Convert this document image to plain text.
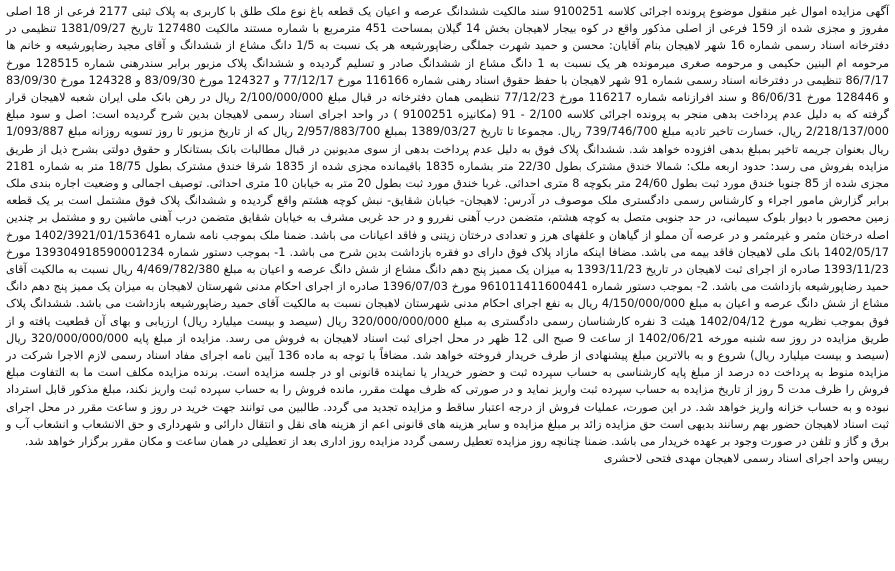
آگهی مزایده اموال غیر منقول موضوع پرونده اجرائی کلاسه 9100251 سند مالکیت ششدانگ عرصه و اعیان یک قطعه باغ نوع ملک طلق با کاربری به پلاک ثبتی 2177 فرعی از 18 اصلی مفروز و مجزی شده از 159 فرعی از اصلی مذکور واقع در کوه بیجار لاهیجان بخش 14 گیلان بمساحت 451 مترمربع با شماره مستند مالکیت 127480 تاریخ 1381/09/27 تنظیمی در دفترخانه اسناد رسمی شماره 16 شهر لاهیجان بنام آقایان: محسن و حمید شهرت جملگی رضاپورشیعه هر یک نسبت به 1/5 دانگ مشاع از ششدانگ و آقای مجید رضاپورشیعه و خانم ها مرحومه ام البنین حکیمی و مرحومه صغری میرمونده هر یک نسبت به 1 دانگ مشاع از ششدانگ صادر و تسلیم گردیده و ششدانگ پلاک مزبور برابر سندرهنی شماره 128515 مورخ 86/7/17 تنظیمی در دفترخانه اسناد رسمی شماره 91 شهر لاهیجان با حفظ حقوق اسناد رهنی شماره 116166 مورخ 77/12/17 و 124327 مورخ 83/09/30 و 124328 مورخ 83/09/30 و 128446 مورخ 86/06/31 و سند افرازنامه شماره 116217 مورخ 77/12/23 تنظیمی همان دفترخانه در قبال مبلغ 2/100/000/000 ریال در رهن بانک ملی ایران شعبه لاهیجان قرار گرفته که به دلیل عدم پرداخت بدهی منجر به پرونده اجرائی کلاسه 2/100 - 91 (مکانیزه 9100251 ) در واحد اجرای اسناد رسمی لاهیجان بدین شرح گردیده است: اصل و سود مبلغ 2/218/137/000 ریال، خسارت تاخیر تادیه مبلغ 739/746/700 ریال. مجموعا تا تاریخ 1389/03/27 بمبلغ 2/957/883/700 ریال که از تاریخ مزبور تا روز تسویه روزانه مبلغ 1/093/887 ریال بعنوان جریمه تاخیر بمبلغ بدهی افزوده خواهد شد. ششدانگ پلاک فوق به دلیل عدم پرداخت بدهی از سوی مدیونین در قبال مطالبات بانک بستانکار و حقوق دولتی بشرح ذیل از طریق مزایده بفروش می رسد: حدود اربعه ملک: شمالا خندق مشترک بطول 22/30 متر بشماره 1835 باقیمانده مجزی شده از 1835 شرقا خندق مشترک بطول 18/75 متر به شماره 2181 مجزی شده از 85 جنوبا خندق مورد ثبت بطول 24/60 متر بکوچه 8 متری احداثی. غربا خندق مورد ثبت بطول 20 متر به خیابان 10 متری احداثی. توصیف اجمالی و وضعیت اجاره بندی ملک برابر گزارش مامور اجراء و کارشناس رسمی دادگستری ملک موصوف در آدرس: لاهیجان- خیابان شقایق- نبش کوچه هشتم واقع گردیده و ششدانگ پلاک فوق مشتمل است بر یک قطعه زمین محصور با دیوار بلوک سیمانی، در حد جنوبی متصل به کوچه هشتم، متضمن درب آهنی نفررو و در حد غربی مشرف به خیابان شقایق متضمن درب آهنی ماشین رو و مشتمل بر چندین اصله درختان مثمر و غیرمثمر و در عرصه آن مملو از گیاهان و علفهای هرز و تعدادی درختان زیتنی و فاقد اعیانات می باشد. ضمنا ملک بموجب نامه شماره 1402/3921/01/153641 مورخ 1402/05/17 بانک ملی لاهیجان فاقد بیمه می باشد. مضافا اینکه مازاد پلاک فوق دارای دو فقره بازداشت بدین شرح می باشد. 1- بموجب دستور شماره 139304918590001234 مورخ 1393/11/23 صادره از اجرای ثبت لاهیجان در تاریخ 1393/11/23 به میزان یک ممیز پنج دهم دانگ مشاع از شش دانگ عرصه و اعیان به مبلغ 4/469/782/380 ریال نسبت به مالکیت آقای حمید رضاپورشیعه بازداشت می باشد. 2- بموجب دستور شماره 961011411600441 مورخ 1396/07/03 صادره از اجرای احکام مدنی شهرستان لاهیجان به میزان یک ممیز پنج دهم دانگ مشاع از شش دانگ عرصه و اعیان به مبلغ 4/150/000/000 ریال به نفع اجرای احکام مدنی شهرستان لاهیجان نسبت به مالکیت آقای حمید رضاپورشیعه بازداشت می باشد. ششدانگ پلاک فوق بموجب نظریه مورخ 1402/04/12 هیئت 3 نفره کارشناسان رسمی دادگستری به مبلغ 320/000/000/000 ریال (سیصد و بیست میلیارد ریال) ارزیابی و بهای آن قطعیت یافته و از طریق مزایده در روز سه شنبه مورخه 1402/06/21 از ساعت 9 صبح الی 12 ظهر در محل اجرای ثبت اسناد لاهیجان به فروش می رسد. مزایده از مبلغ پایه 320/000/000/000 ریال (سیصد و بیست میلیارد ریال) شروع و به بالاترین مبلغ پیشنهادی از طرف خریدار فروخته خواهد شد. مضافاً با توجه به ماده 136 آیین نامه اجرای مفاد اسناد رسمی لازم الاجرا شرکت در مزایده منوط به پرداخت ده درصد از مبلغ پایه کارشناسی به حساب سپرده ثبت و حضور خریدار یا نماینده قانونی او در جلسه مزایده است. برنده مزایده مکلف است ما به التفاوت مبلغ فروش را ظرف مدت 5 روز از تاریخ مزایده به حساب سپرده ثبت واریز نماید و در صورتی که ظرف مهلت مقرر، مانده فروش را به حساب سپرده ثبت واریز نکند، مبلغ مذکور قابل استرداد نبوده و به حساب خزانه واریز خواهد شد. در این صورت، عملیات فروش از درجه اعتبار ساقط و مزایده تجدید می گردد. طالبین می توانند جهت خرید در روز و ساعت مقرر در محل اجرای ثبت اسناد لاهیجان حضور بهم رسانند بدیهی است حق مزایده زائد بر مبلغ مزایده و سایر هزینه های قانونی اعم از هزینه های نقل و انتقال دارائی و شهرداری و حق الانشعاب و انشعاب آب و برق و گاز و تلفن در صورت وجود بر عهده خریدار می باشد. ضمنا چنانچه روز مزایده تعطیل رسمی گردد مزایده روز اداری بعد از تعطیلی در همان ساعت و مکان مقرر برگزار خواهد شد.

رییس واحد اجرای اسناد رسمی لاهیجان مهدی فتحی لاحشری
